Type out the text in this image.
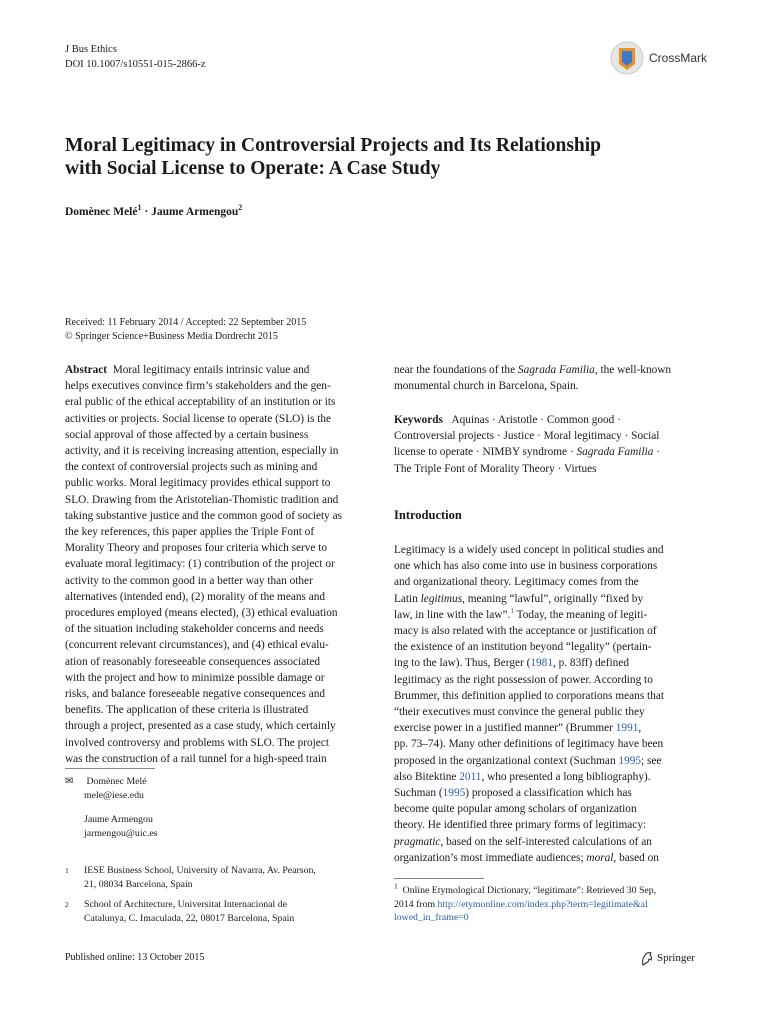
J Bus Ethics
DOI 10.1007/s10551-015-2866-z	CrossMark
Moral Legitimacy in Controversial Projects and Its Relationship
with Social License to Operate: A Case Study
Domènec Melé$^1$ · Jaume Armengou$^2$
Received: 11 February 2014 / Accepted: 22 September 2015
© Springer Science+Business Media Dordrecht 2015
Abstract Moral legitimacy entails intrinsic value and
helps executives convince firm’s stakeholders and the gen-
eral public of the ethical acceptability of an institution or its
activities or projects. Social license to operate (SLO) is the
social approval of those affected by a certain business
activity, and it is receiving increasing attention, especially in
the context of controversial projects such as mining and
public works. Moral legitimacy provides ethical support to
SLO. Drawing from the Aristotelian-Thomistic tradition and
taking substantive justice and the common good of society as
the key references, this paper applies the Triple Font of
Morality Theory and proposes four criteria which serve to
evaluate moral legitimacy: (1) contribution of the project or
activity to the common good in a better way than other
alternatives (intended end), (2) morality of the means and
procedures employed (means elected), (3) ethical evaluation
of the situation including stakeholder concerns and needs
(concurrent relevant circumstances), and (4) ethical evalu-
ation of reasonably foreseeable consequences associated
with the project and how to minimize possible damage or
risks, and balance foreseeable negative consequences and
benefits. The application of these criteria is illustrated
through a project, presented as a case study, which certainly
involved controversy and problems with SLO. The project
was the construction of a rail tunnel for a high-speed train
✉ Domènec Melé
mele@iese.edu
Jaume Armengou
jarmengou@uic.es
1 IESE Business School, University of Navarra, Av. Pearson,
21, 08034 Barcelona, Spain
2 School of Architecture, Universitat Internacional de
Catalunya, C. Imaculada, 22, 08017 Barcelona, Spain
near the foundations of the Sagrada Familia, the well-known
monumental church in Barcelona, Spain.
Keywords Aquinas · Aristotle · Common good ·
Controversial projects · Justice · Moral legitimacy · Social
license to operate · NIMBY syndrome · Sagrada Familia ·
The Triple Font of Morality Theory · Virtues
Introduction
Legitimacy is a widely used concept in political studies and
one which has also come into use in business corporations
and organizational theory. Legitimacy comes from the
Latin legitimus, meaning “lawful”, originally “fixed by
law, in line with the law”.$^1$ Today, the meaning of legiti-
macy is also related with the acceptance or justification of
the existence of an institution beyond “legality” (pertain-
ing to the law). Thus, Berger (1981, p. 83ff) defined
legitimacy as the right possession of power. According to
Brummer, this definition applied to corporations means that
“their executives must convince the general public they
exercise power in a justified manner” (Brummer 1991,
pp. 73–74). Many other definitions of legitimacy have been
proposed in the organizational context (Suchman 1995; see
also Bitektine 2011, who presented a long bibliography).
Suchman (1995) proposed a classification which has
become quite popular among scholars of organization
theory. He identified three primary forms of legitimacy:
pragmatic, based on the self-interested calculations of an
organization’s most immediate audiences; moral, based on
$^1$ Online Etymological Dictionary, “legitimate”: Retrieved 30 Sep,
2014 from http://etymonline.com/index.php?term=legitimate&al
lowed_in_frame=0
Published online: 13 October 2015	Springer
